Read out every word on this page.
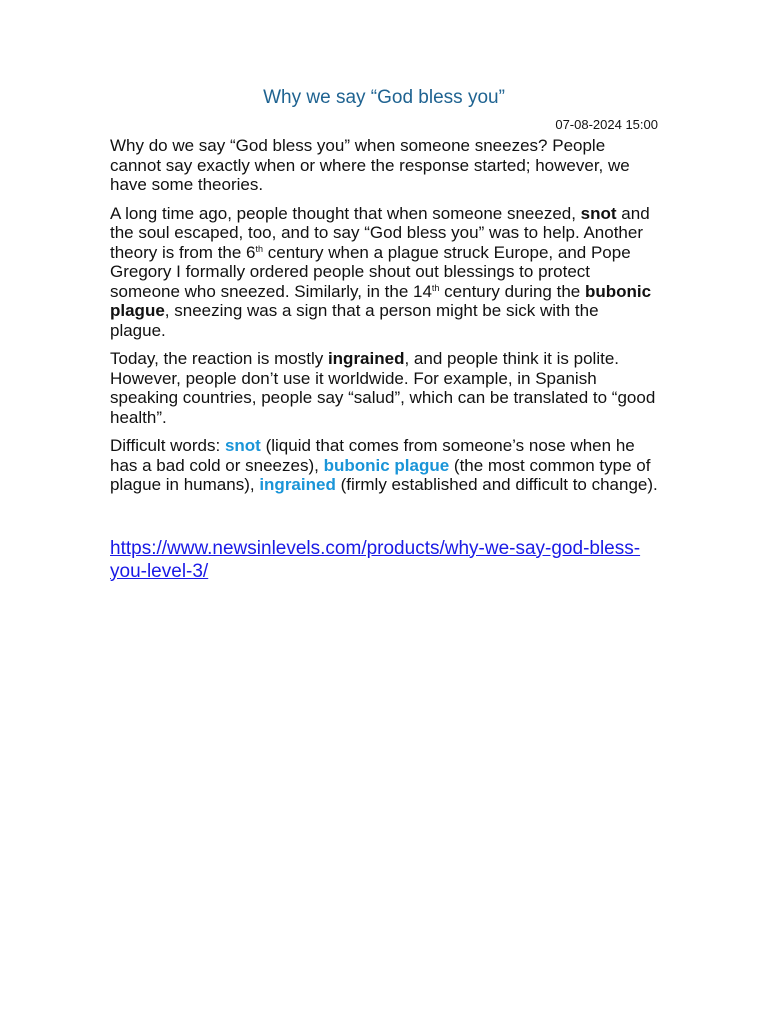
Why we say “God bless you”
07-08-2024 15:00

Why do we say “God bless you” when someone sneezes? People cannot say exactly when or where the response started; however, we have some theories.

A long time ago, people thought that when someone sneezed, snot and the soul escaped, too, and to say “God bless you” was to help. Another theory is from the 6th century when a plague struck Europe, and Pope Gregory I formally ordered people shout out blessings to protect someone who sneezed. Similarly, in the 14th century during the bubonic plague, sneezing was a sign that a person might be sick with the plague.

Today, the reaction is mostly ingrained, and people think it is polite. However, people don’t use it worldwide. For example, in Spanish speaking countries, people say “salud”, which can be translated to “good health”.

Difficult words: snot (liquid that comes from someone’s nose when he has a bad cold or sneezes), bubonic plague (the most common type of plague in humans), ingrained (firmly established and difficult to change).

https://www.newsinlevels.com/products/why-we-say-god-bless-you-level-3/
